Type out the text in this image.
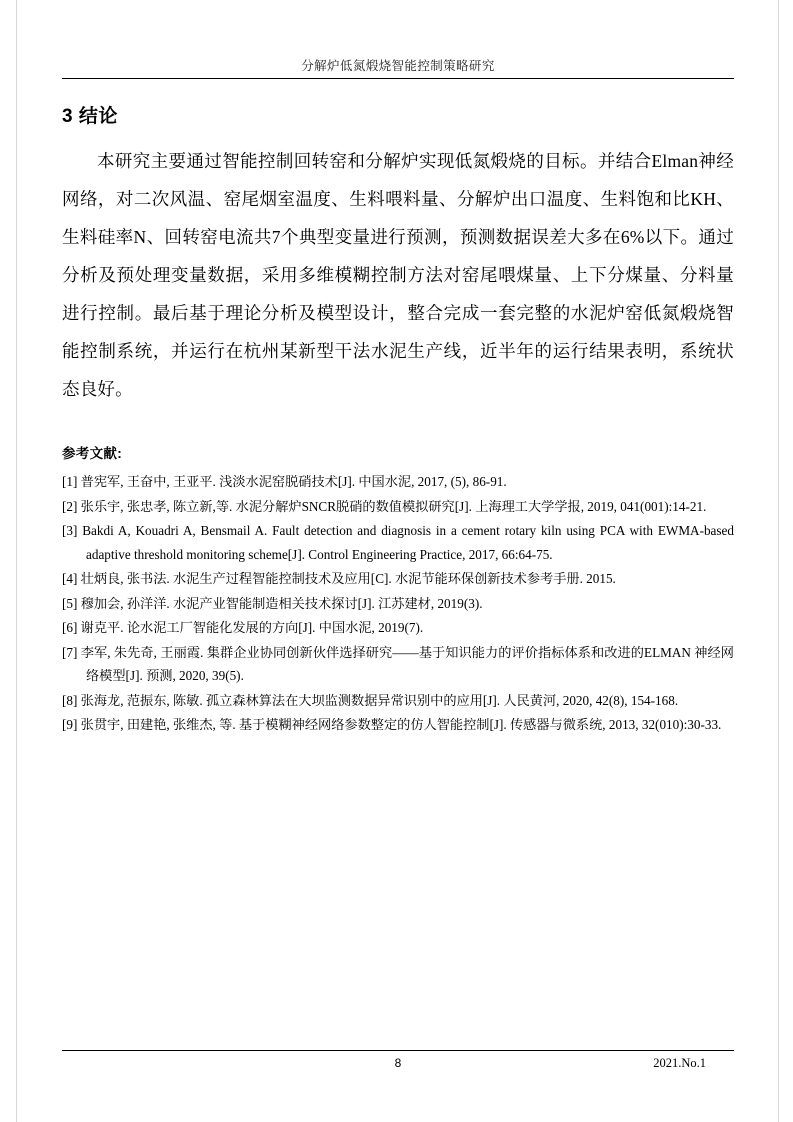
分解炉低氮煅烧智能控制策略研究
3 结论
本研究主要通过智能控制回转窑和分解炉实现低氮煅烧的目标。并结合Elman神经网络，对二次风温、窑尾烟室温度、生料喂料量、分解炉出口温度、生料饱和比KH、生料硅率N、回转窑电流共7个典型变量进行预测，预测数据误差大多在6%以下。通过分析及预处理变量数据，采用多维模糊控制方法对窑尾喂煤量、上下分煤量、分料量进行控制。最后基于理论分析及模型设计，整合完成一套完整的水泥炉窑低氮煅烧智能控制系统，并运行在杭州某新型干法水泥生产线，近半年的运行结果表明，系统状态良好。
参考文献:
[1] 普宪军, 王奋中, 王亚平. 浅淡水泥窑脱硝技术[J]. 中国水泥, 2017, (5), 86-91.
[2] 张乐宇, 张忠孝, 陈立新,等. 水泥分解炉SNCR脱硝的数值模拟研究[J]. 上海理工大学学报, 2019, 041(001):14-21.
[3] Bakdi A, Kouadri A, Bensmail A. Fault detection and diagnosis in a cement rotary kiln using PCA with EWMA-based adaptive threshold monitoring scheme[J]. Control Engineering Practice, 2017, 66:64-75.
[4] 壮炳良, 张书法. 水泥生产过程智能控制技术及应用[C]. 水泥节能环保创新技术参考手册. 2015.
[5] 穆加会, 孙洋洋. 水泥产业智能制造相关技术探讨[J]. 江苏建材, 2019(3).
[6] 谢克平. 论水泥工厂智能化发展的方向[J]. 中国水泥, 2019(7).
[7] 李军, 朱先奇, 王丽霞. 集群企业协同创新伙伴选择研究——基于知识能力的评价指标体系和改进的ELMAN 神经网络模型[J]. 预测, 2020, 39(5).
[8] 张海龙, 范振东, 陈敏. 孤立森林算法在大坝监测数据异常识别中的应用[J]. 人民黄河, 2020, 42(8), 154-168.
[9] 张贯宇, 田建艳, 张维杰, 等. 基于模糊神经网络参数整定的仿人智能控制[J]. 传感器与微系统, 2013, 32(010):30-33.
8	2021.No.1
